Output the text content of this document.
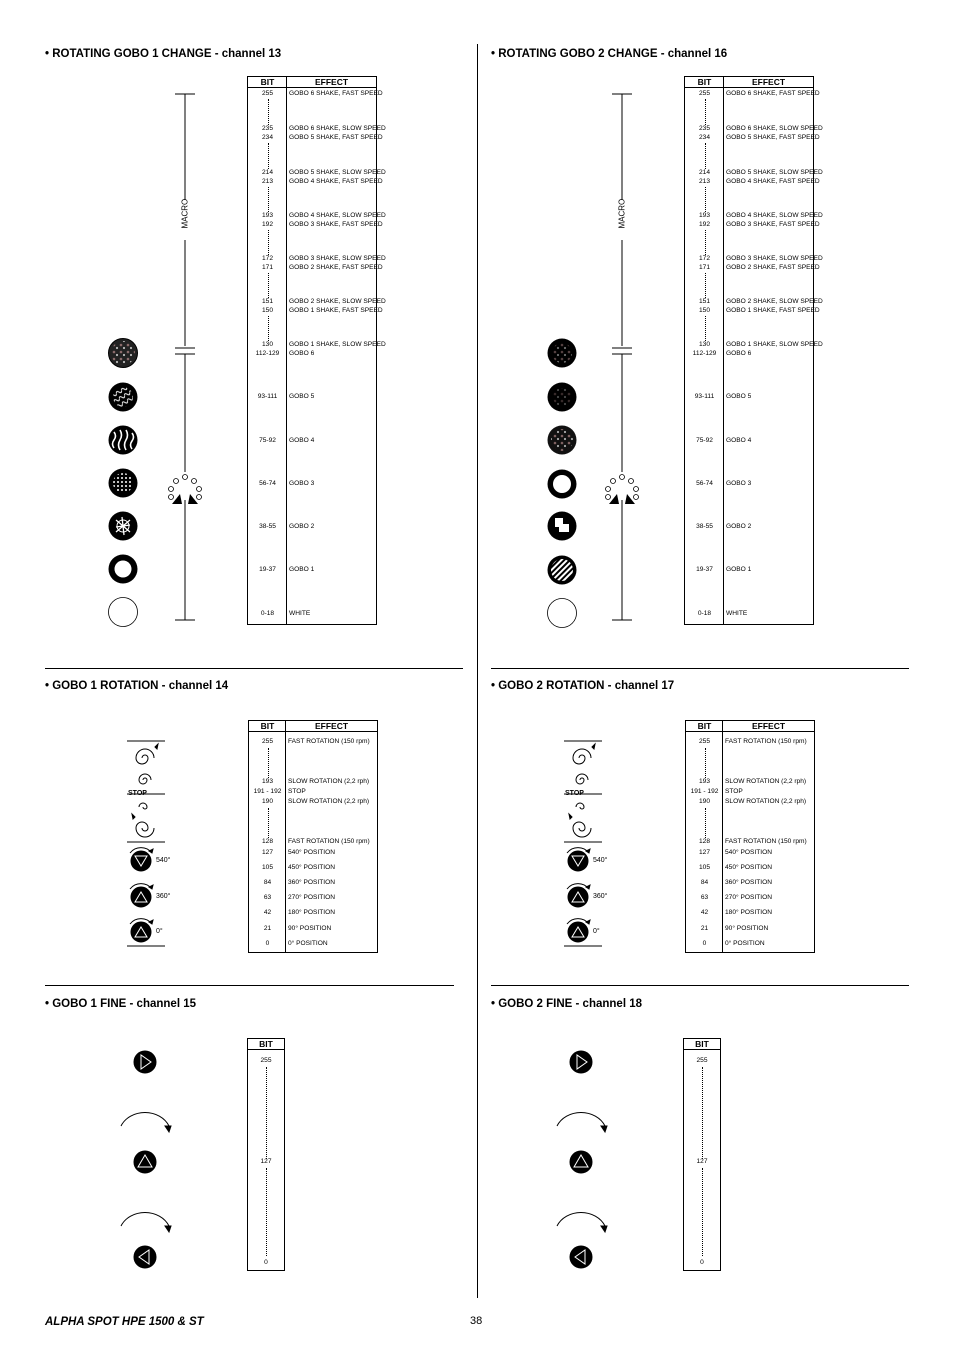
• ROTATING GOBO 1 CHANGE - channel 13	• ROTATING GOBO 2 CHANGE - channel 16
• GOBO 1 ROTATION - channel 14	• GOBO 2 ROTATION - channel 17
• GOBO 1 FINE - channel 15	• GOBO 2 FINE - channel 18
BIT	EFFECT
255	GOBO 6 SHAKE, FAST SPEED
235	GOBO 6 SHAKE, SLOW SPEED
234	GOBO 5 SHAKE, FAST SPEED
214	GOBO 5 SHAKE, SLOW SPEED
213	GOBO 4 SHAKE, FAST SPEED
193	GOBO 4 SHAKE, SLOW SPEED
192	GOBO 3 SHAKE, FAST SPEED
172	GOBO 3 SHAKE, SLOW SPEED
171	GOBO 2 SHAKE, FAST SPEED
151	GOBO 2 SHAKE, SLOW SPEED
150	GOBO 1 SHAKE, FAST SPEED
130	GOBO 1 SHAKE, SLOW SPEED
112-129	GOBO 6
93-111	GOBO 5
75-92	GOBO 4
56-74	GOBO 3
38-55	GOBO 2
19-37	GOBO 1
0-18	WHITE
BIT	EFFECT
255	GOBO 6 SHAKE, FAST SPEED
235	GOBO 6 SHAKE, SLOW SPEED
234	GOBO 5 SHAKE, FAST SPEED
214	GOBO 5 SHAKE, SLOW SPEED
213	GOBO 4 SHAKE, FAST SPEED
193	GOBO 4 SHAKE, SLOW SPEED
192	GOBO 3 SHAKE, FAST SPEED
172	GOBO 3 SHAKE, SLOW SPEED
171	GOBO 2 SHAKE, FAST SPEED
151	GOBO 2 SHAKE, SLOW SPEED
150	GOBO 1 SHAKE, FAST SPEED
130	GOBO 1 SHAKE, SLOW SPEED
112-129	GOBO 6
93-111	GOBO 5
75-92	GOBO 4
56-74	GOBO 3
38-55	GOBO 2
19-37	GOBO 1
0-18	WHITE
BIT	EFFECT
255	FAST ROTATION (150 rpm)
193	SLOW ROTATION (2,2 rph)
191 - 192 STOP
190	SLOW ROTATION (2,2 rph)
128	FAST ROTATION (150 rpm)
127	540° POSITION
105	450° POSITION
84	360° POSITION
63	270° POSITION
42	180° POSITION
21	90° POSITION
0	0° POSITION
BIT	EFFECT
255	FAST ROTATION (150 rpm)
193	SLOW ROTATION (2,2 rph)
191 - 192 STOP
190	SLOW ROTATION (2,2 rph)
128	FAST ROTATION (150 rpm)
127	540° POSITION
105	450° POSITION
84	360° POSITION
63	270° POSITION
42	180° POSITION
21	90° POSITION
0	0° POSITION
BIT
255
127
0
BIT
255
127
0
MACRO	MACRO
STOP
540°
360°
0°
STOP
540°
360°
0°
ALPHA SPOT HPE 1500 & ST	38
